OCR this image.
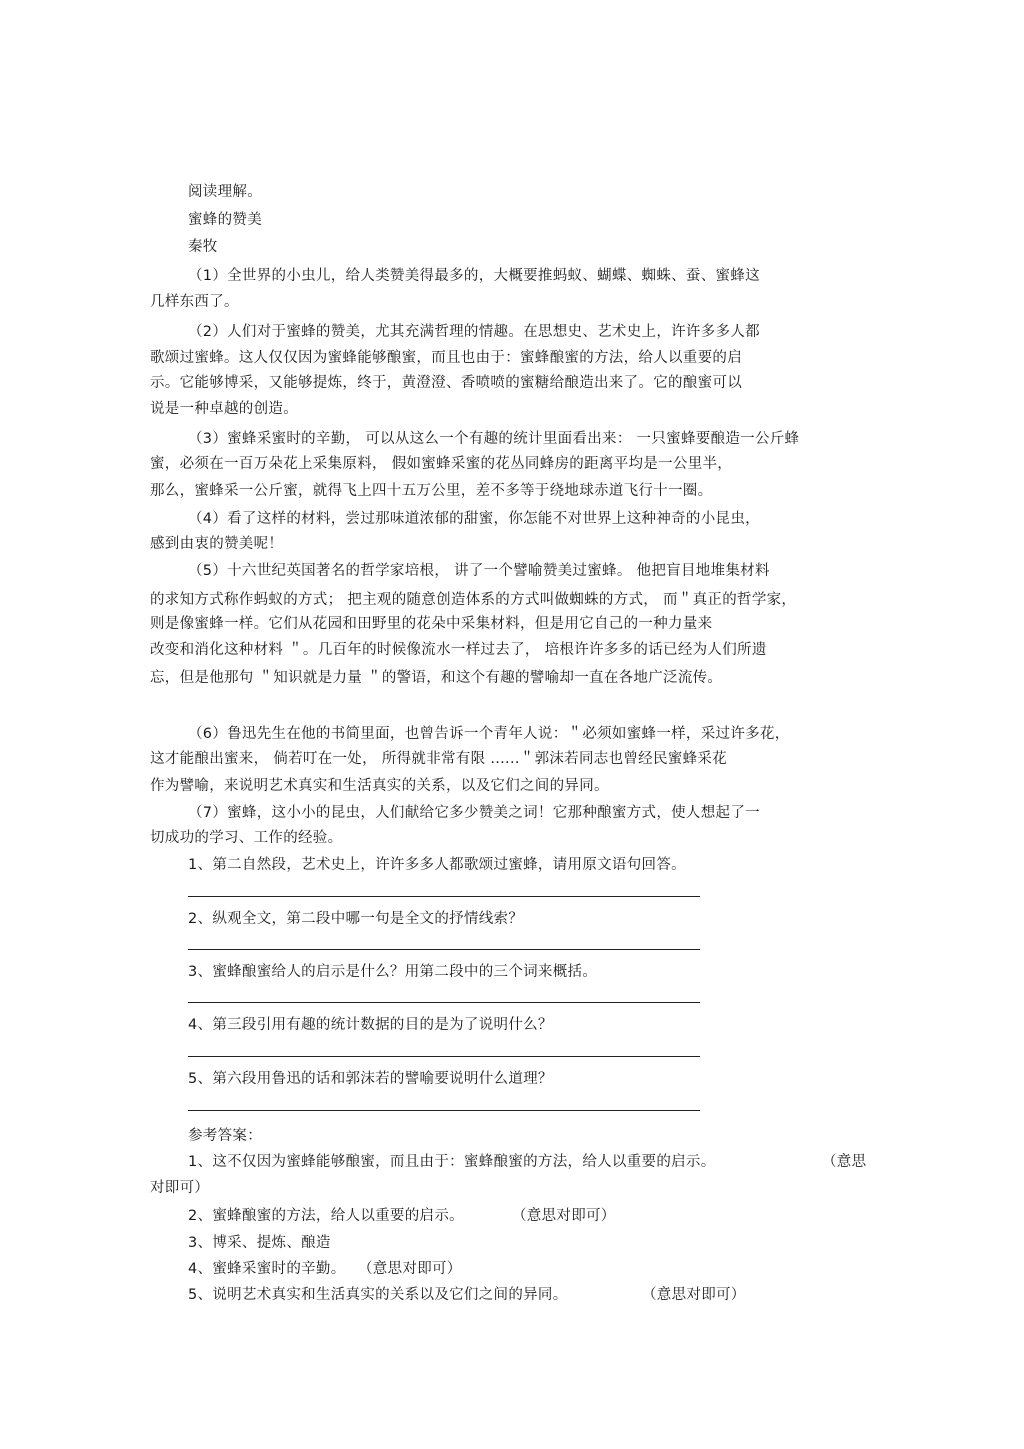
阅读理解。
蜜蜂的赞美
秦牧
（1）全世界的小虫儿，给人类赞美得最多的，大概要推蚂蚁、蝴蝶、蜘蛛、蚕、蜜蜂这
几样东西了。
（2）人们对于蜜蜂的赞美，尤其充满哲理的情趣。在思想史、艺术史上，许许多多人都
歌颂过蜜蜂。这人仅仅因为蜜蜂能够酿蜜，而且也由于：蜜蜂酿蜜的方法，给人以重要的启
示。它能够博采，又能够提炼，终于，黄澄澄、香喷喷的蜜糖给酿造出来了。它的酿蜜可以
说是一种卓越的创造。
（3）蜜蜂采蜜时的辛勤， 可以从这么一个有趣的统计里面看出来： 一只蜜蜂要酿造一公斤蜂
蜜，必须在一百万朵花上采集原料， 假如蜜蜂采蜜的花丛同蜂房的距离平均是一公里半，
那么，蜜蜂采一公斤蜜，就得飞上四十五万公里，差不多等于绕地球赤道飞行十一圈。
（4）看了这样的材料，尝过那味道浓郁的甜蜜，你怎能不对世界上这种神奇的小昆虫，
感到由衷的赞美呢！
（5）十六世纪英国著名的哲学家培根， 讲了一个譬喻赞美过蜜蜂。 他把盲目地堆集材料
的求知方式称作蚂蚁的方式； 把主观的随意创造体系的方式叫做蜘蛛的方式， 而＂真正的哲学家，
则是像蜜蜂一样。它们从花园和田野里的花朵中采集材料，但是用它自己的一种力量来
改变和消化这种材料 ＂。几百年的时候像流水一样过去了， 培根许许多多的话已经为人们所遗
忘，但是他那句 ＂知识就是力量 ＂的警语，和这个有趣的譬喻却一直在各地广泛流传。
（6）鲁迅先生在他的书简里面，也曾告诉一个青年人说：＂必须如蜜蜂一样，采过许多花，
这才能酿出蜜来， 倘若叮在一处， 所得就非常有限 ......＂郭沫若同志也曾经民蜜蜂采花
作为譬喻，来说明艺术真实和生活真实的关系，以及它们之间的异同。
（7）蜜蜂，这小小的昆虫，人们献给它多少赞美之词！它那种酿蜜方式，使人想起了一
切成功的学习、工作的经验。
1、第二自然段，艺术史上，许许多多人都歌颂过蜜蜂，请用原文语句回答。
2、纵观全文，第二段中哪一句是全文的抒情线索？
3、蜜蜂酿蜜给人的启示是什么？用第二段中的三个词来概括。
4、第三段引用有趣的统计数据的目的是为了说明什么？
5、第六段用鲁迅的话和郭沫若的譬喻要说明什么道理？
参考答案：
1、这不仅因为蜜蜂能够酿蜜，而且由于：蜜蜂酿蜜的方法，给人以重要的启示。	（意思
对即可）
2、蜜蜂酿蜜的方法，给人以重要的启示。	（意思对即可）
3、博采、提炼、酿造
4、蜜蜂采蜜时的辛勤。 （意思对即可）
5、说明艺术真实和生活真实的关系以及它们之间的异同。	（意思对即可）
